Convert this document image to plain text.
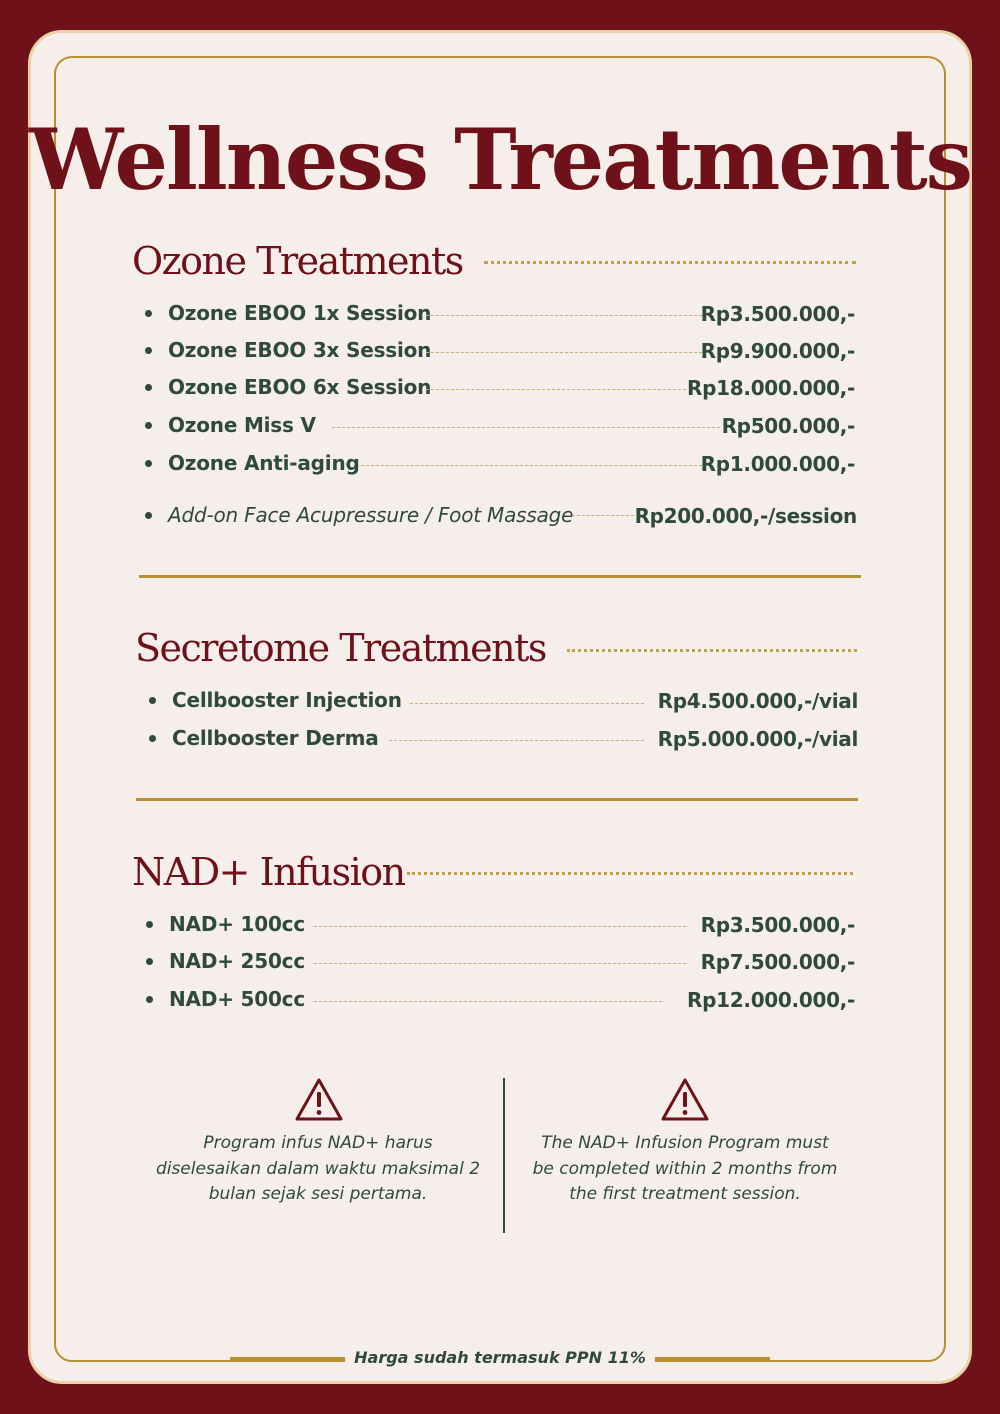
Wellness Treatments
Ozone Treatments
Ozone EBOO 1x Session	Rp3.500.000,-
Ozone EBOO 3x Session	Rp9.900.000,-
Ozone EBOO 6x Session	Rp18.000.000,-
Ozone Miss V	Rp500.000,-
Ozone Anti-aging	Rp1.000.000,-
Add-on Face Acupressure / Foot Massage	Rp200.000,-/session
Secretome Treatments
Cellbooster Injection	Rp4.500.000,-/vial
Cellbooster Derma	Rp5.000.000,-/vial
NAD+ Infusion
NAD+ 100cc	Rp3.500.000,-
NAD+ 250cc	Rp7.500.000,-
NAD+ 500cc	Rp12.000.000,-
Program infus NAD+ harus
diselesaikan dalam waktu maksimal 2
bulan sejak sesi pertama.
The NAD+ Infusion Program must
be completed within 2 months from
the first treatment session.
Harga sudah termasuk PPN 11%
